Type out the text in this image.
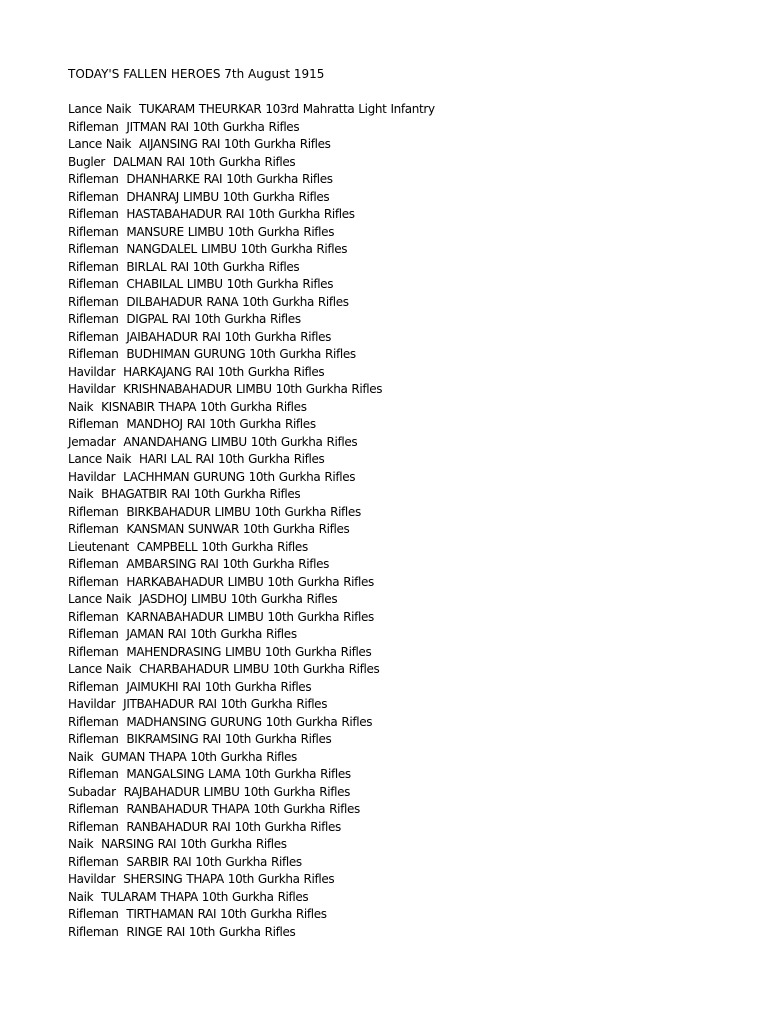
TODAY'S FALLEN HEROES 7th August 1915
Lance Naik  TUKARAM THEURKAR 103rd Mahratta Light Infantry
Rifleman  JITMAN RAI 10th Gurkha Rifles
Lance Naik  AIJANSING RAI 10th Gurkha Rifles
Bugler  DALMAN RAI 10th Gurkha Rifles
Rifleman  DHANHARKE RAI 10th Gurkha Rifles
Rifleman  DHANRAJ LIMBU 10th Gurkha Rifles
Rifleman  HASTABAHADUR RAI 10th Gurkha Rifles
Rifleman  MANSURE LIMBU 10th Gurkha Rifles
Rifleman  NANGDALEL LIMBU 10th Gurkha Rifles
Rifleman  BIRLAL RAI 10th Gurkha Rifles
Rifleman  CHABILAL LIMBU 10th Gurkha Rifles
Rifleman  DILBAHADUR RANA 10th Gurkha Rifles
Rifleman  DIGPAL RAI 10th Gurkha Rifles
Rifleman  JAIBAHADUR RAI 10th Gurkha Rifles
Rifleman  BUDHIMAN GURUNG 10th Gurkha Rifles
Havildar  HARKAJANG RAI 10th Gurkha Rifles
Havildar  KRISHNABAHADUR LIMBU 10th Gurkha Rifles
Naik  KISNABIR THAPA 10th Gurkha Rifles
Rifleman  MANDHOJ RAI 10th Gurkha Rifles
Jemadar  ANANDAHANG LIMBU 10th Gurkha Rifles
Lance Naik  HARI LAL RAI 10th Gurkha Rifles
Havildar  LACHHMAN GURUNG 10th Gurkha Rifles
Naik  BHAGATBIR RAI 10th Gurkha Rifles
Rifleman  BIRKBAHADUR LIMBU 10th Gurkha Rifles
Rifleman  KANSMAN SUNWAR 10th Gurkha Rifles
Lieutenant  CAMPBELL 10th Gurkha Rifles
Rifleman  AMBARSING RAI 10th Gurkha Rifles
Rifleman  HARKABAHADUR LIMBU 10th Gurkha Rifles
Lance Naik  JASDHOJ LIMBU 10th Gurkha Rifles
Rifleman  KARNABAHADUR LIMBU 10th Gurkha Rifles
Rifleman  JAMAN RAI 10th Gurkha Rifles
Rifleman  MAHENDRASING LIMBU 10th Gurkha Rifles
Lance Naik  CHARBAHADUR LIMBU 10th Gurkha Rifles
Rifleman  JAIMUKHI RAI 10th Gurkha Rifles
Havildar  JITBAHADUR RAI 10th Gurkha Rifles
Rifleman  MADHANSING GURUNG 10th Gurkha Rifles
Rifleman  BIKRAMSING RAI 10th Gurkha Rifles
Naik  GUMAN THAPA 10th Gurkha Rifles
Rifleman  MANGALSING LAMA 10th Gurkha Rifles
Subadar  RAJBAHADUR LIMBU 10th Gurkha Rifles
Rifleman  RANBAHADUR THAPA 10th Gurkha Rifles
Rifleman  RANBAHADUR RAI 10th Gurkha Rifles
Naik  NARSING RAI 10th Gurkha Rifles
Rifleman  SARBIR RAI 10th Gurkha Rifles
Havildar  SHERSING THAPA 10th Gurkha Rifles
Naik  TULARAM THAPA 10th Gurkha Rifles
Rifleman  TIRTHAMAN RAI 10th Gurkha Rifles
Rifleman  RINGE RAI 10th Gurkha Rifles
